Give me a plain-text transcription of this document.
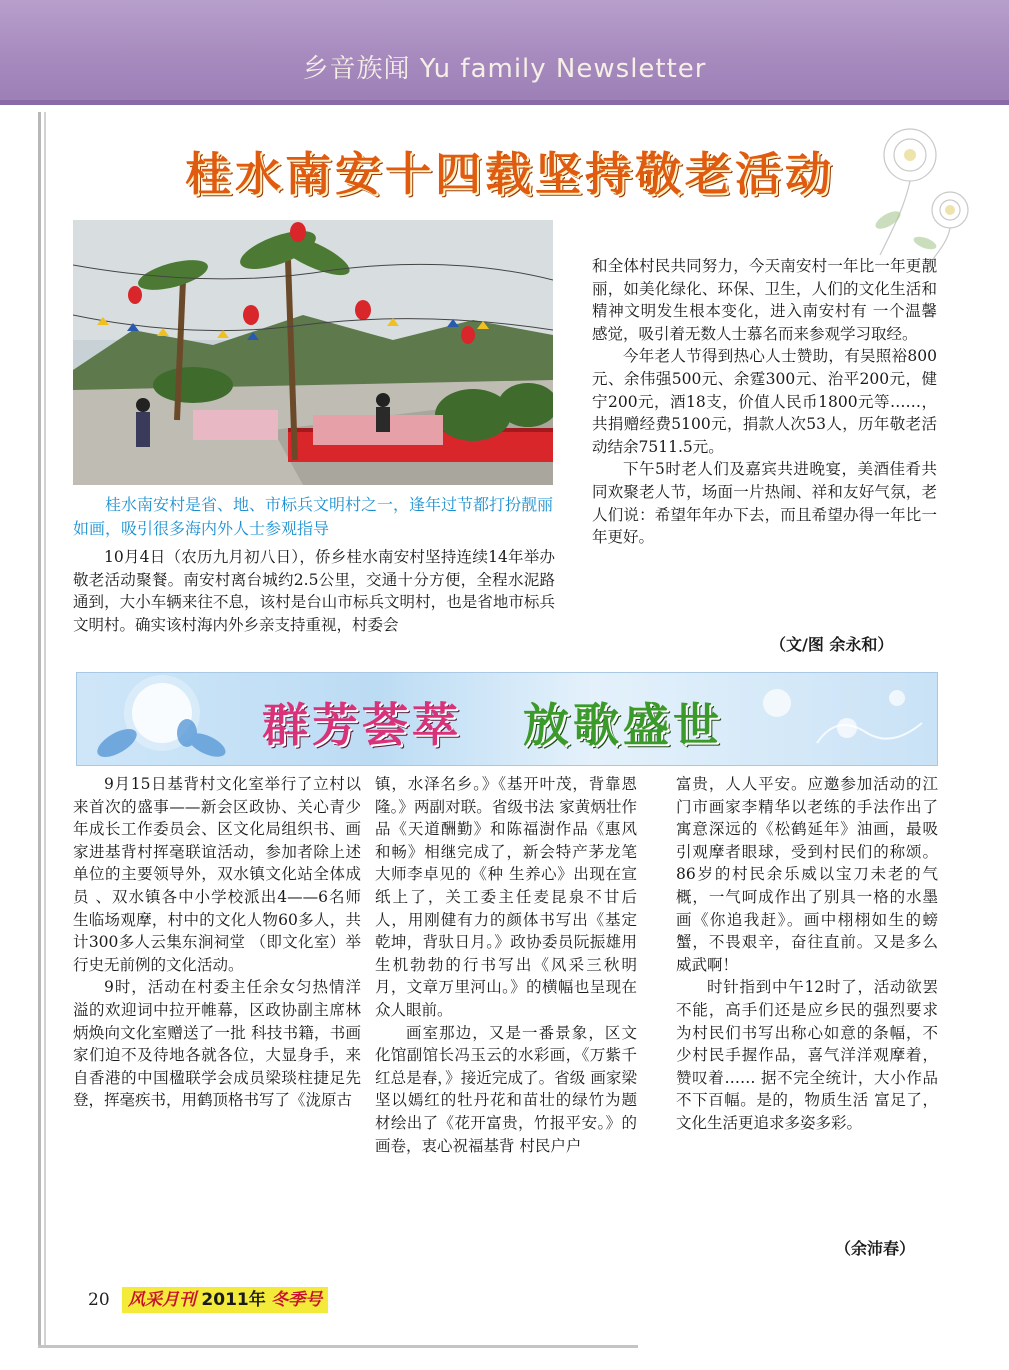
乡音族闻 Yu family Newsletter
桂水南安十四载坚持敬老活动
桂水南安村是省、地、市标兵文明村之一，逢年过节都打扮靓丽如画，吸引很多海内外人士参观指导

10月4日（农历九月初八日），侨乡桂水南安村坚持连续14年举办敬老活动聚餐。南安村离台城约2.5公里，交通十分方便，全程水泥路通到，大小车辆来往不息，该村是台山市标兵文明村，也是省地市标兵文明村。确实该村海内外乡亲支持重视，村委会

和全体村民共同努力，今天南安村一年比一年更靓丽，如美化绿化、环保、卫生，人们的文化生活和精神文明发生根本变化，进入南安村有 一个温馨感觉，吸引着无数人士慕名而来参观学习取经。

今年老人节得到热心人士赞助，有吴照裕800元、余伟强500元、余霆300元、治平200元，健宁200元，酒18支，价值人民币1800元等……，共捐赠经费5100元，捐款人次53人，历年敬老活动结余7511.5元。

下午5时老人们及嘉宾共进晚宴，美酒佳肴共同欢聚老人节，场面一片热闹、祥和友好气氛，老人们说：希望年年办下去，而且希望办得一年比一年更好。

（文/图 余永和）
群芳荟萃 放歌盛世

9月15日基背村文化室举行了立村以来首次的盛事——新会区政协、关心青少年成长工作委员会、区文化局组织书、画家进基背村挥毫联谊活动，参加者除上述单位的主要领导外，双水镇文化站全体成员 、双水镇各中小学校派出4——6名师生临场观摩，村中的文化人物60多人，共计300多人云集东涧祠堂 （即文化室）举行史无前例的文化活动。

9时，活动在村委主任余女匀热情洋溢的欢迎词中拉开帷幕，区政协副主席林炳焕向文化室赠送了一批 科技书籍，书画家们迫不及待地各就各位，大显身手，来自香港的中国楹联学会成员梁琰柱捷足先登，挥毫疾书，用鹤顶格书写了《泷原古

镇，水泽名乡。》《基开叶茂，背靠恩隆。》两副对联。省级书法 家黄炳壮作品《天道酬勤》和陈福澍作品《惠风和畅》相继完成了，新会特产茅龙笔大师李卓见的《种 生养心》出现在宣纸上了，关工委主任麦昆泉不甘后人，用刚健有力的颜体书写出《基定乾坤，背驮日月。》政协委员阮振雄用生机勃勃的行书写出《风采三秋明月，文章万里河山。》的横幅也呈现在众人眼前。

画室那边，又是一番景象，区文化馆副馆长冯玉云的水彩画，《万紫千红总是春，》接近完成了。省级 画家梁坚以嫣红的牡丹花和苗壮的绿竹为题材绘出了《花开富贵，竹报平安。》的画卷，衷心祝福基背 村民户户

富贵，人人平安。应邀参加活动的江门市画家李精华以老练的手法作出了寓意深远的《松鹤延年》油画，最吸引观摩者眼球，受到村民们的称颂。86岁的村民余乐威以宝刀未老的气概，一气呵成作出了别具一格的水墨画《你追我赶》。画中栩栩如生的螃蟹，不畏艰辛，奋往直前。又是多么威武啊！

时针指到中午12时了，活动欲罢不能，高手们还是应乡民的强烈要求为村民们书写出称心如意的条幅，不少村民手握作品，喜气洋洋观摩着，赞叹着…… 据不完全统计，大小作品不下百幅。是的，物质生活 富足了，文化生活更追求多姿多彩。

（余沛春）
20	风采月刊 2011年 冬季号
